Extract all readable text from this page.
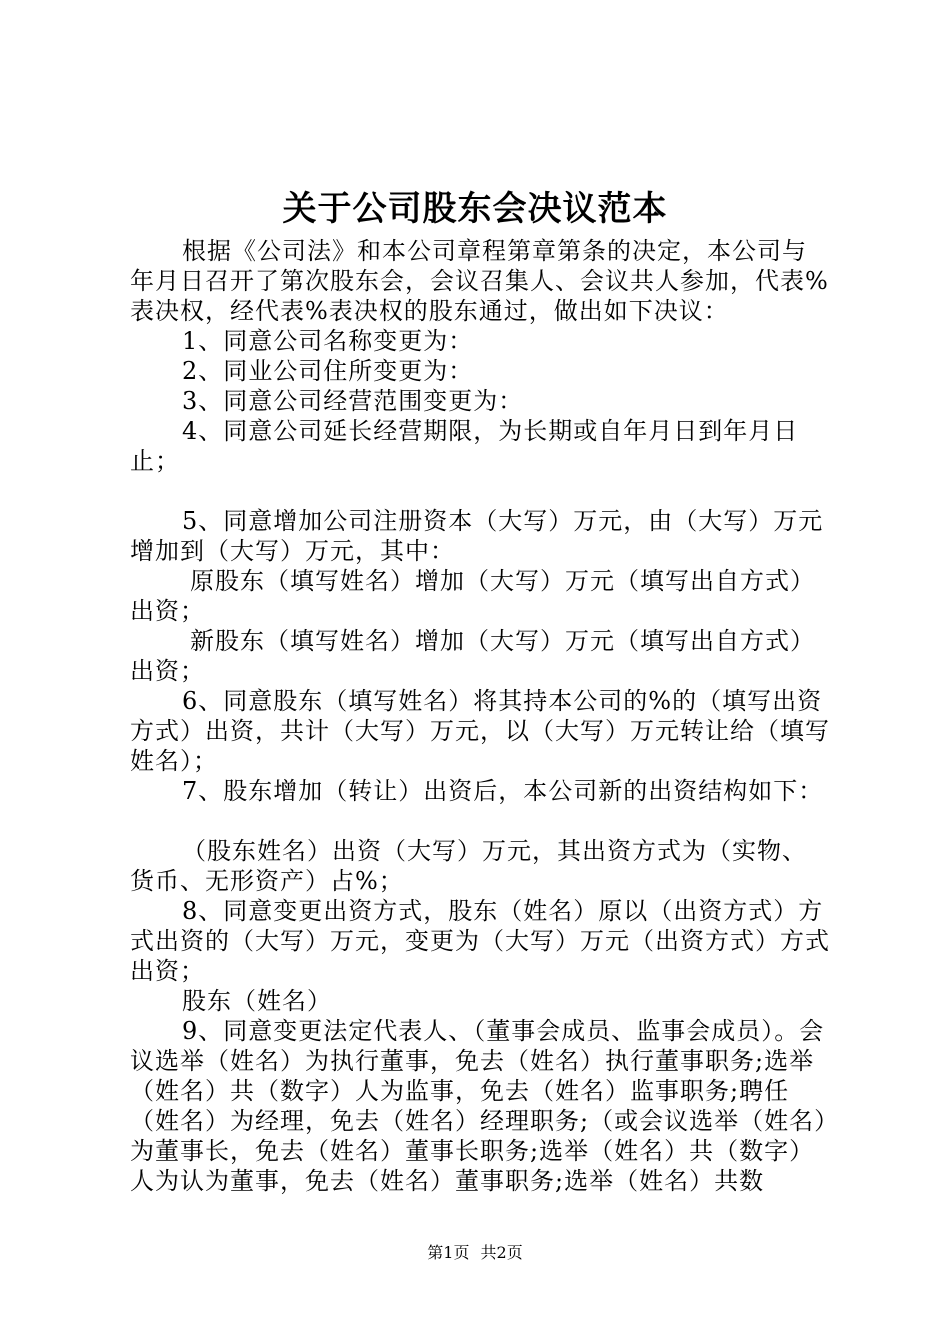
关于公司股东会决议范本

根据《公司法》和本公司章程第章第条的决定，本公司与年月日召开了第次股东会，会议召集人、会议共人参加，代表%表决权，经代表%表决权的股东通过，做出如下决议：

1、同意公司名称变更为：

2、同业公司住所变更为：

3、同意公司经营范围变更为：

4、同意公司延长经营期限，为长期或自年月日到年月日止；

5、同意增加公司注册资本（大写）万元，由（大写）万元增加到（大写）万元，其中：

原股东（填写姓名）增加（大写）万元（填写出自方式）出资；

新股东（填写姓名）增加（大写）万元（填写出自方式）出资；

6、同意股东（填写姓名）将其持本公司的%的（填写出资方式）出资，共计（大写）万元，以（大写）万元转让给（填写姓名）；

7、股东增加（转让）出资后，本公司新的出资结构如下：

（股东姓名）出资（大写）万元，其出资方式为（实物、货币、无形资产）占%；

8、同意变更出资方式，股东（姓名）原以（出资方式）方式出资的（大写）万元，变更为（大写）万元（出资方式）方式出资；

股东（姓名）

9、同意变更法定代表人、（董事会成员、监事会成员）。会议选举（姓名）为执行董事，免去（姓名）执行董事职务;选举（姓名）共（数字）人为监事，免去（姓名）监事职务;聘任（姓名）为经理，免去（姓名）经理职务;（或会议选举（姓名）为董事长，免去（姓名）董事长职务;选举（姓名）共（数字）人为认为董事，免去（姓名）董事职务;选举（姓名）共数

第1页 共2页
